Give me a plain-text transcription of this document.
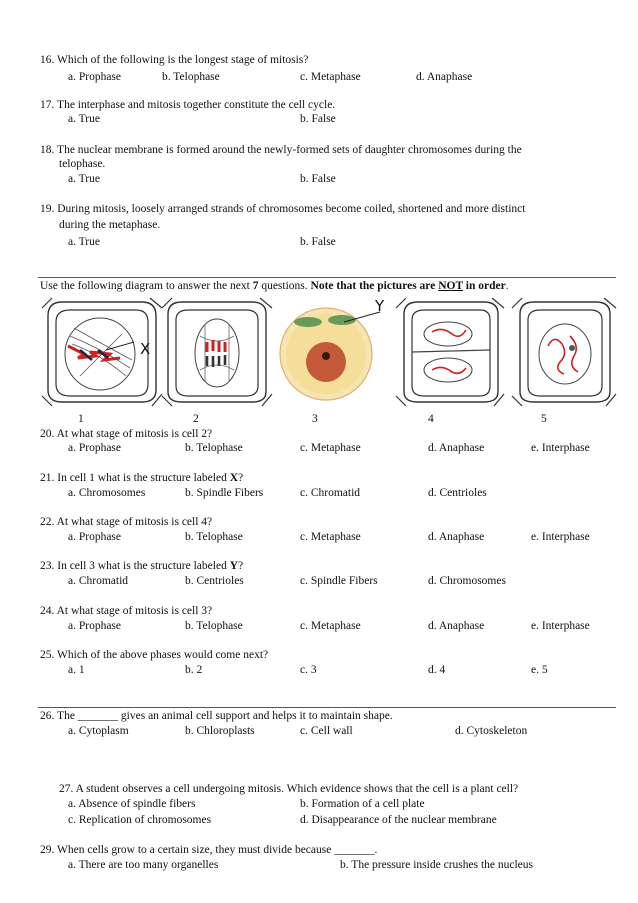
16. Which of the following is the longest stage of mitosis?
a. Prophase	b. Telophase	c. Metaphase	d. Anaphase
17. The interphase and mitosis together constitute the cell cycle.
a. True	b. False
18. The nuclear membrane is formed around the newly-formed sets of daughter chromosomes during the
telophase.
a. True	b. False
19. During mitosis, loosely arranged strands of chromosomes become coiled, shortened and more distinct
during the metaphase.
a. True	b. False
Use the following diagram to answer the next 7 questions. Note that the pictures are NOT in order.
X
Y
1	2	3	4	5
20. At what stage of mitosis is cell 2?
a. Prophase	b. Telophase	c. Metaphase	d. Anaphase	e. Interphase
21. In cell 1 what is the structure labeled X?
a. Chromosomes	b. Spindle Fibers	c. Chromatid	d. Centrioles
22. At what stage of mitosis is cell 4?
a. Prophase	b. Telophase	c. Metaphase	d. Anaphase	e. Interphase
23. In cell 3 what is the structure labeled Y?
a. Chromatid	b. Centrioles	c. Spindle Fibers	d. Chromosomes
24. At what stage of mitosis is cell 3?
a. Prophase	b. Telophase	c. Metaphase	d. Anaphase	e. Interphase
25. Which of the above phases would come next?
a. 1	b. 2	c. 3	d. 4	e. 5
26. The _______ gives an animal cell support and helps it to maintain shape.
a. Cytoplasm	b. Chloroplasts	c. Cell wall	d. Cytoskeleton
27. A student observes a cell undergoing mitosis. Which evidence shows that the cell is a plant cell?
a. Absence of spindle fibers	b. Formation of a cell plate
c. Replication of chromosomes	d. Disappearance of the nuclear membrane
29. When cells grow to a certain size, they must divide because _______.
a. There are too many organelles	b. The pressure inside crushes the nucleus
